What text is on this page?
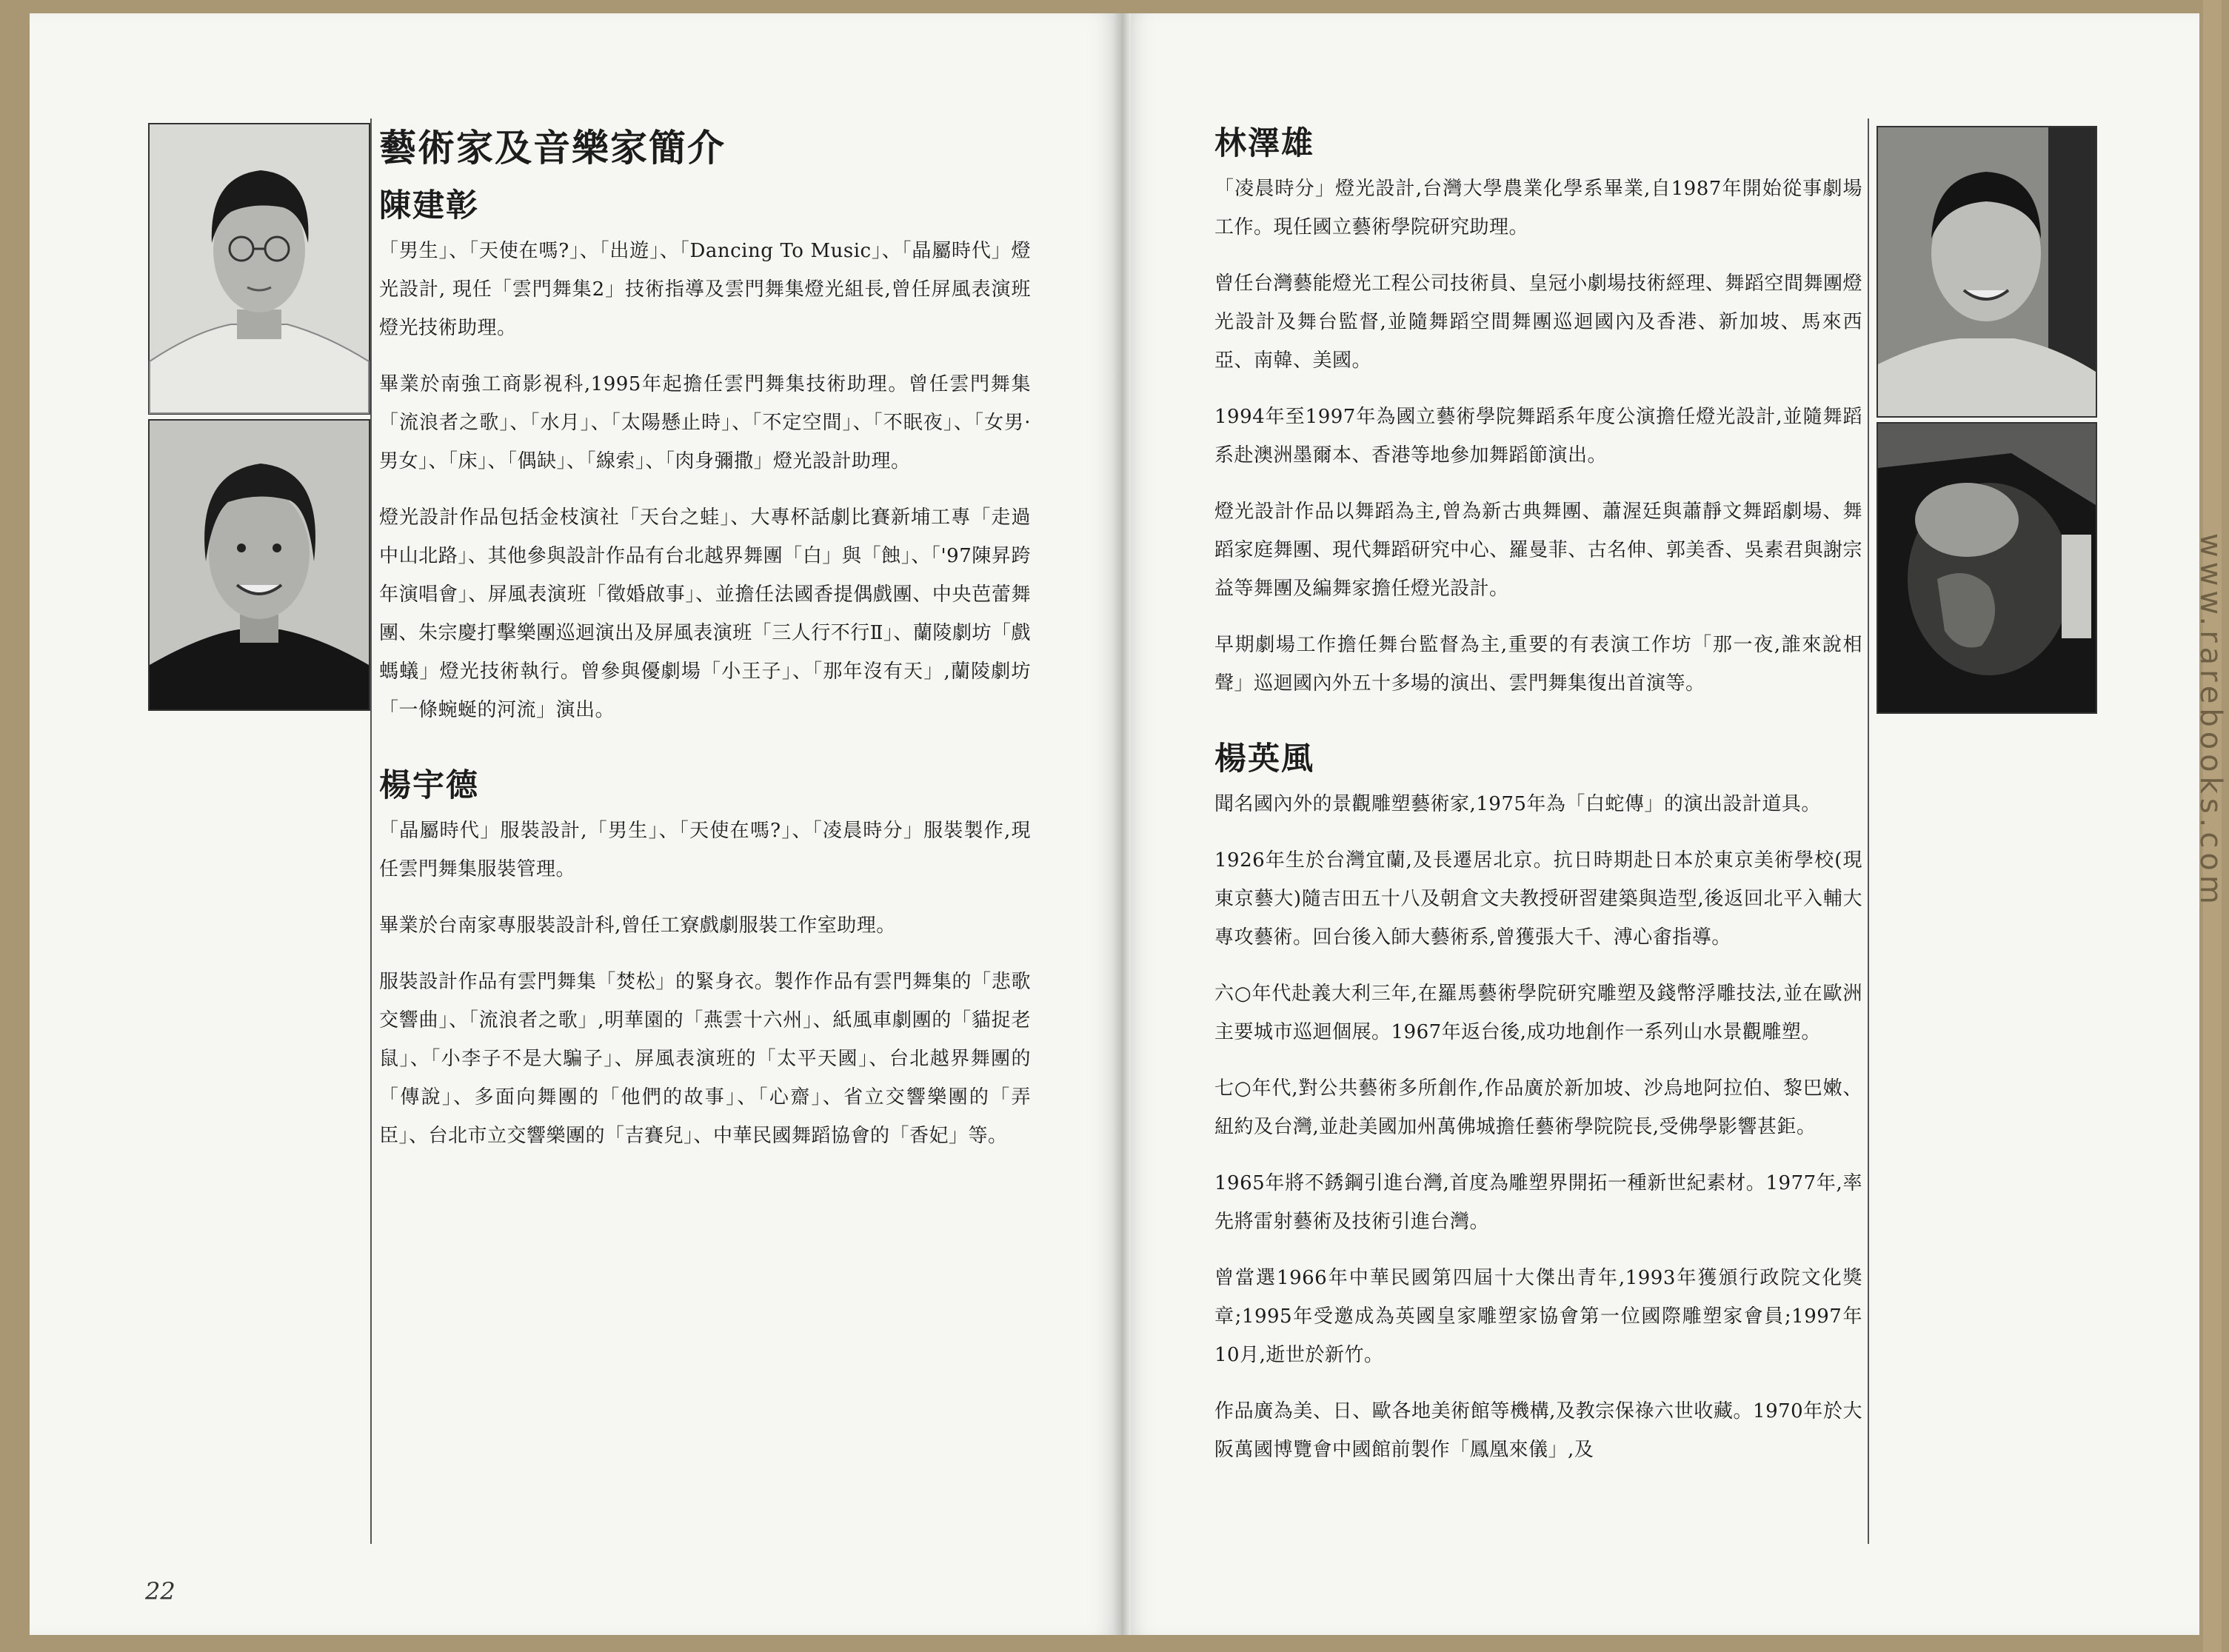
www.rarebooks.com
藝術家及音樂家簡介
陳建彰

「男生」、「天使在嗎?」、「出遊」、「Dancing To Music」、「晶屬時代」燈光設計, 現任「雲門舞集2」技術指導及雲門舞集燈光組長,曾任屏風表演班燈光技術助理。

畢業於南強工商影視科,1995年起擔任雲門舞集技術助理。曾任雲門舞集「流浪者之歌」、「水月」、「太陽懸止時」、「不定空間」、「不眠夜」、「女男·男女」、「床」、「偶缺」、「線索」、「肉身彌撒」燈光設計助理。

燈光設計作品包括金枝演社「天台之蛙」、大專杯話劇比賽新埔工專「走過中山北路」、其他參與設計作品有台北越界舞團「白」與「蝕」、「'97陳昇跨年演唱會」、屏風表演班「徵婚啟事」、並擔任法國香提偶戲團、中央芭蕾舞團、朱宗慶打擊樂團巡迴演出及屏風表演班「三人行不行Ⅱ」、蘭陵劇坊「戲螞蟻」燈光技術執行。曾參與優劇場「小王子」、「那年沒有天」,蘭陵劇坊「一條蜿蜒的河流」演出。

楊宇德

「晶屬時代」服裝設計,「男生」、「天使在嗎?」、「凌晨時分」服裝製作,現任雲門舞集服裝管理。

畢業於台南家專服裝設計科,曾任工寮戲劇服裝工作室助理。

服裝設計作品有雲門舞集「焚松」的緊身衣。製作作品有雲門舞集的「悲歌交響曲」、「流浪者之歌」,明華園的「燕雲十六州」、紙風車劇團的「貓捉老鼠」、「小李子不是大騙子」、屏風表演班的「太平天國」、台北越界舞團的「傳說」、多面向舞團的「他們的故事」、「心齋」、省立交響樂團的「弄臣」、台北市立交響樂團的「吉賽兒」、中華民國舞蹈協會的「香妃」等。

22
林澤雄

「凌晨時分」燈光設計,台灣大學農業化學系畢業,自1987年開始從事劇場工作。現任國立藝術學院研究助理。

曾任台灣藝能燈光工程公司技術員、皇冠小劇場技術經理、舞蹈空間舞團燈光設計及舞台監督,並隨舞蹈空間舞團巡迴國內及香港、新加坡、馬來西亞、南韓、美國。

1994年至1997年為國立藝術學院舞蹈系年度公演擔任燈光設計,並隨舞蹈系赴澳洲墨爾本、香港等地參加舞蹈節演出。

燈光設計作品以舞蹈為主,曾為新古典舞團、蕭渥廷與蕭靜文舞蹈劇場、舞蹈家庭舞團、現代舞蹈研究中心、羅曼菲、古名伸、郭美香、吳素君與謝宗益等舞團及編舞家擔任燈光設計。

早期劇場工作擔任舞台監督為主,重要的有表演工作坊「那一夜,誰來說相聲」巡迴國內外五十多場的演出、雲門舞集復出首演等。

楊英風

聞名國內外的景觀雕塑藝術家,1975年為「白蛇傳」的演出設計道具。

1926年生於台灣宜蘭,及長遷居北京。抗日時期赴日本於東京美術學校(現東京藝大)隨吉田五十八及朝倉文夫教授研習建築與造型,後返回北平入輔大專攻藝術。回台後入師大藝術系,曾獲張大千、溥心畬指導。

六○年代赴義大利三年,在羅馬藝術學院研究雕塑及錢幣浮雕技法,並在歐洲主要城市巡迴個展。1967年返台後,成功地創作一系列山水景觀雕塑。

七○年代,對公共藝術多所創作,作品廣於新加坡、沙烏地阿拉伯、黎巴嫩、紐約及台灣,並赴美國加州萬佛城擔任藝術學院院長,受佛學影響甚鉅。

1965年將不銹鋼引進台灣,首度為雕塑界開拓一種新世紀素材。1977年,率先將雷射藝術及技術引進台灣。

曾當選1966年中華民國第四屆十大傑出青年,1993年獲頒行政院文化獎章;1995年受邀成為英國皇家雕塑家協會第一位國際雕塑家會員;1997年10月,逝世於新竹。

作品廣為美、日、歐各地美術館等機構,及教宗保祿六世收藏。1970年於大阪萬國博覽會中國館前製作「鳳凰來儀」,及
